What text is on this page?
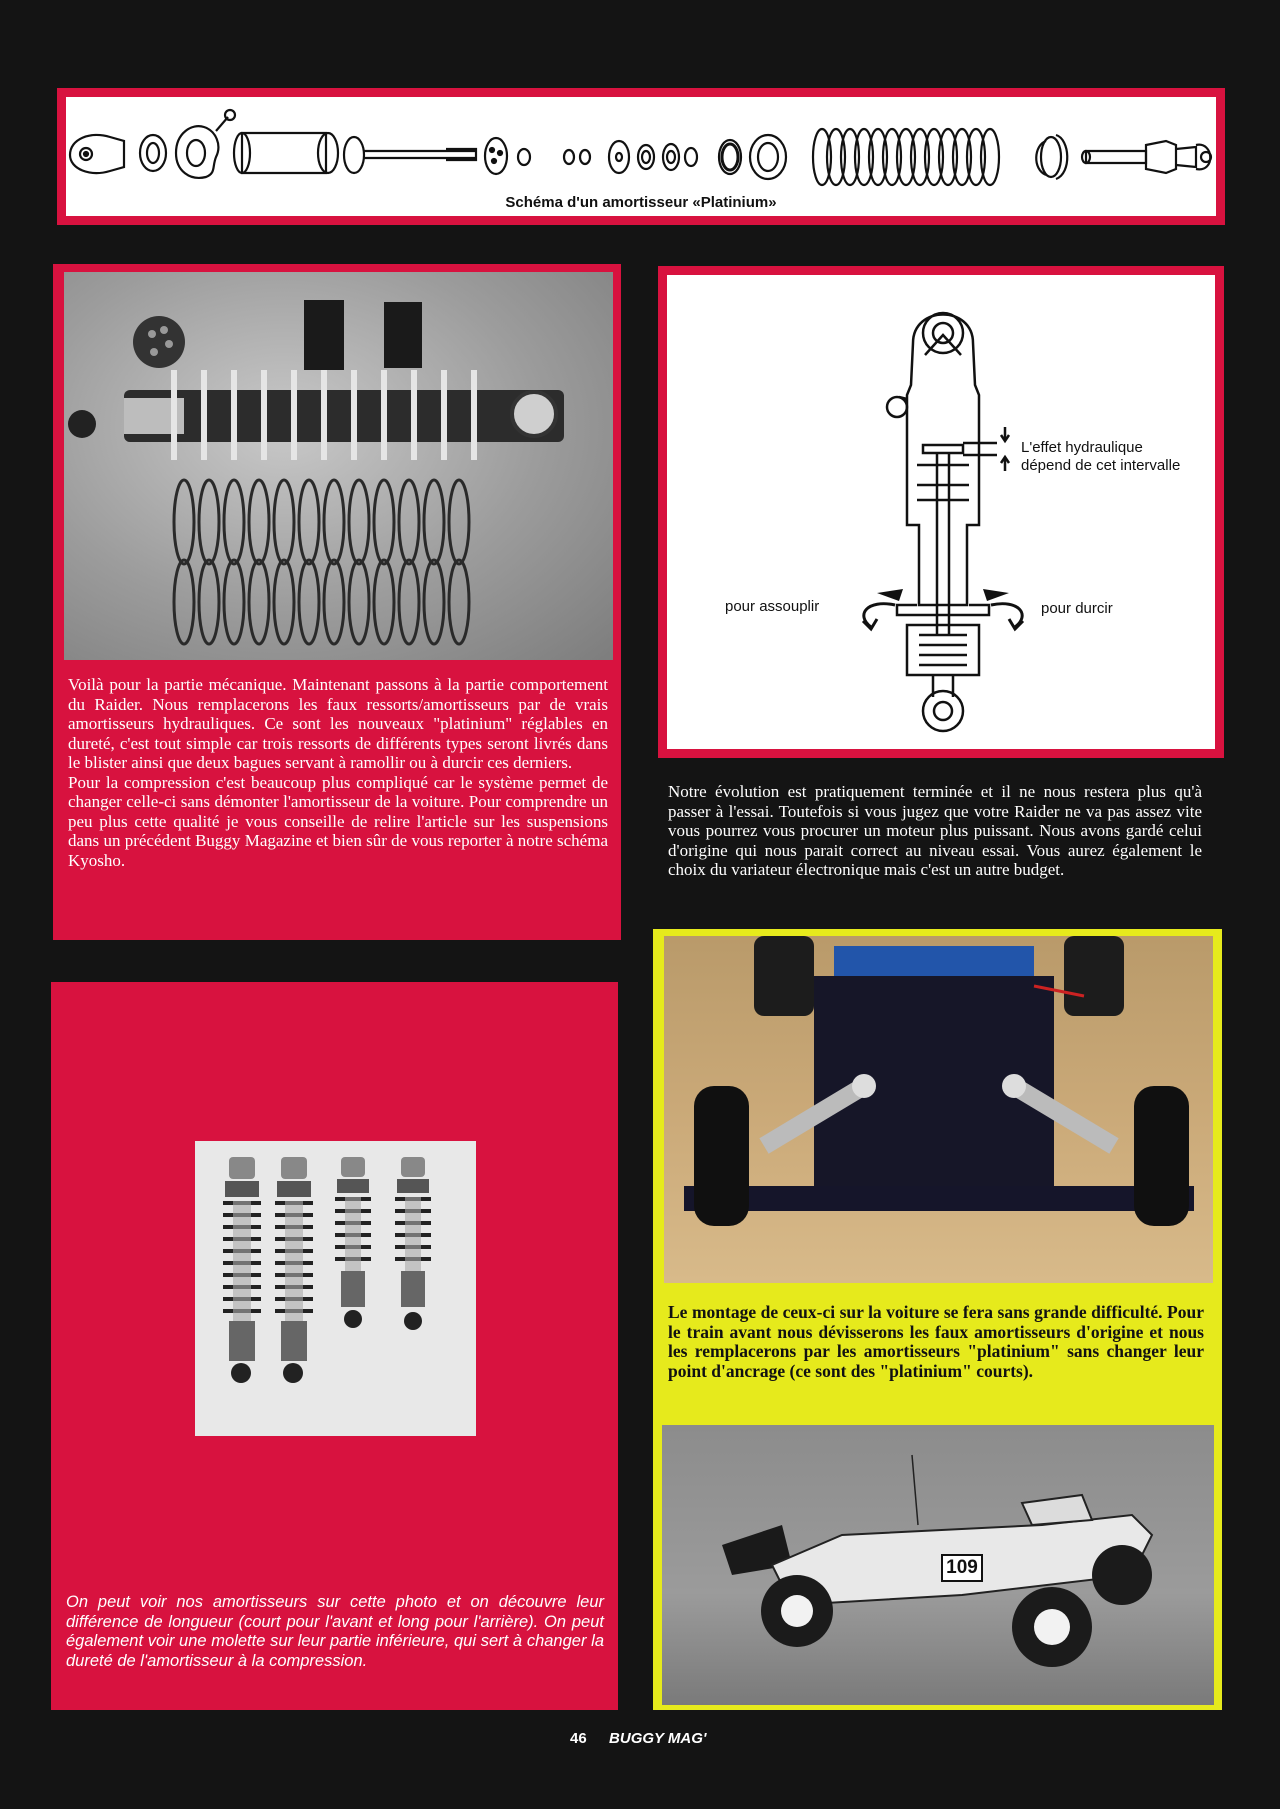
Schéma d'un amortisseur «Platinium»

Voilà pour la partie mécanique. Maintenant passons à la partie comportement du Raider. Nous remplacerons les faux ressorts/amortisseurs par de vrais amortisseurs hydrauliques. Ce sont les nouveaux "platinium" réglables en dureté, c'est tout simple car trois ressorts de différents types seront livrés dans le blister ainsi que deux bagues servant à ramollir ou à durcir ces derniers.

Pour la compression c'est beaucoup plus compliqué car le système permet de changer celle-ci sans démonter l'amortisseur de la voiture. Pour comprendre un peu plus cette qualité je vous conseille de relire l'article sur les suspensions dans un précédent Buggy Magazine et bien sûr de vous reporter à notre schéma Kyosho.

L'effet hydraulique
dépend de cet intervalle
pour assouplir	pour durcir
Notre évolution est pratiquement terminée et il ne nous restera plus qu'à passer à l'essai. Toutefois si vous jugez que votre Raider ne va pas assez vite vous pourrez vous procurer un moteur plus puissant. Nous avons gardé celui d'origine qui nous parait correct au niveau essai. Vous aurez également le choix du variateur électronique mais c'est un autre budget.
On peut voir nos amortisseurs sur cette photo et on découvre leur différence de longueur (court pour l'avant et long pour l'arrière). On peut également voir une molette sur leur partie inférieure, qui sert à changer la dureté de l'amortisseur à la compression.
Le montage de ceux-ci sur la voiture se fera sans grande difficulté. Pour le train avant nous dévisserons les faux amortisseurs d'origine et nous les remplacerons par les amortisseurs "platinium" sans changer leur point d'ancrage (ce sont des "platinium" courts).
109
46 BUGGY MAG'
